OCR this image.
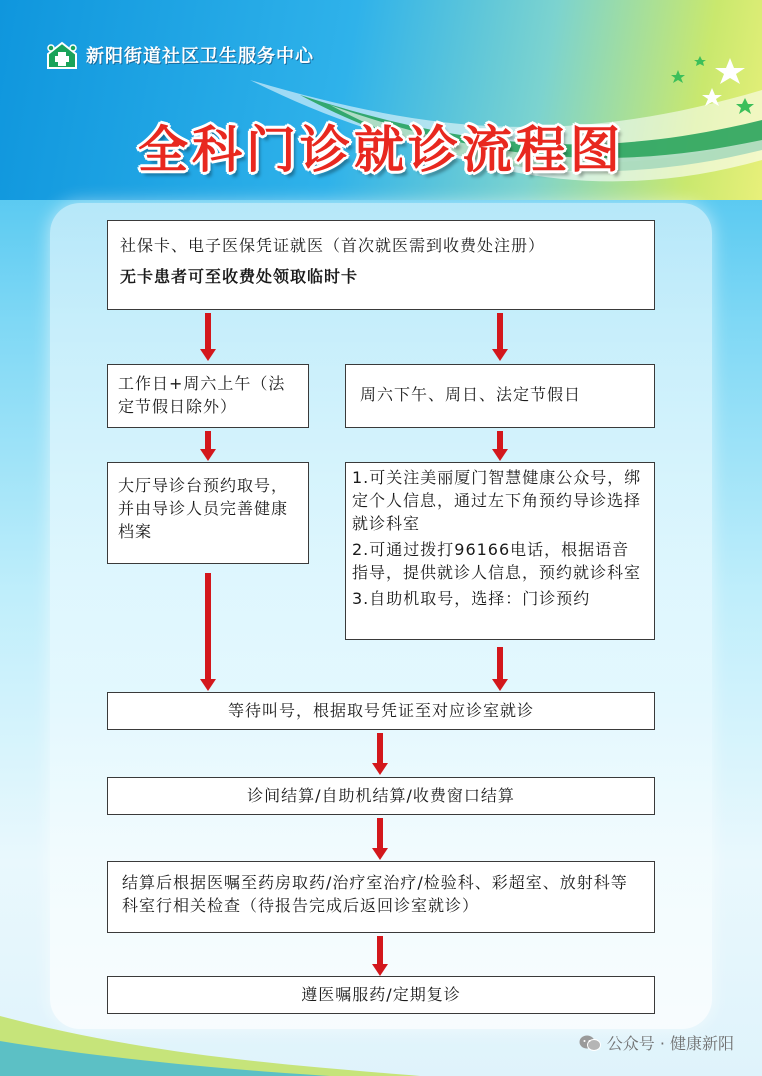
新阳街道社区卫生服务中心
全科门诊就诊流程图

社保卡、电子医保凭证就医（首次就医需到收费处注册）

无卡患者可至收费处领取临时卡

工作日+周六上午（法定节假日除外）

周六下午、周日、法定节假日

大厅导诊台预约取号，并由导诊人员完善健康档案

1.可关注美丽厦门智慧健康公众号，绑定个人信息，通过左下角预约导诊选择就诊科室

2.可通过拨打96166电话，根据语音指导，提供就诊人信息，预约就诊科室

3.自助机取号，选择：门诊预约

等待叫号，根据取号凭证至对应诊室就诊

诊间结算/自助机结算/收费窗口结算

结算后根据医嘱至药房取药/治疗室治疗/检验科、彩超室、放射科等科室行相关检查（待报告完成后返回诊室就诊）

遵医嘱服药/定期复诊

公众号 · 健康新阳
